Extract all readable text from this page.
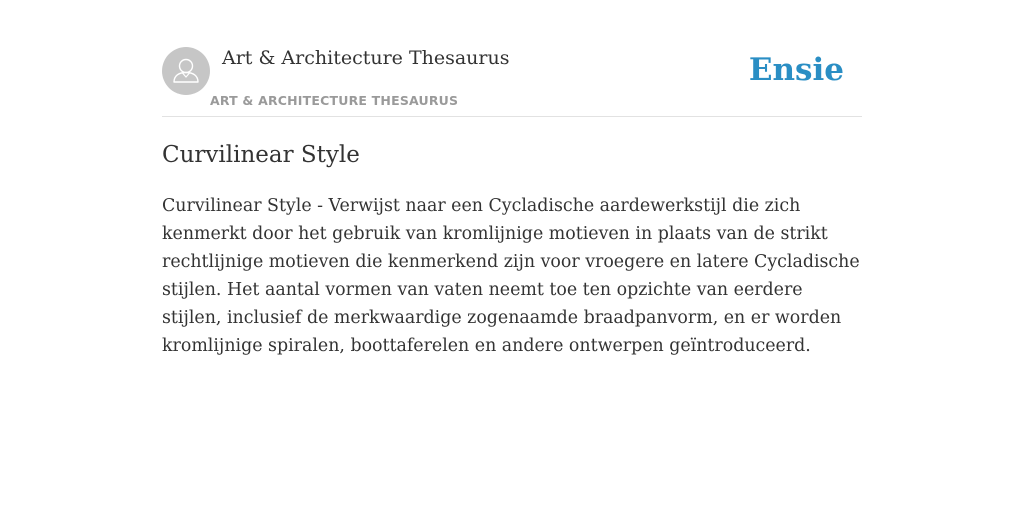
Art & Architecture Thesaurus
ART & ARCHITECTURE THESAURUS
Ensie
Curvilinear Style

Curvilinear Style - Verwijst naar een Cycladische aardewerkstijl die zich kenmerkt door het gebruik van kromlijnige motieven in plaats van de strikt rechtlijnige motieven die kenmerkend zijn voor vroegere en latere Cycladische stijlen. Het aantal vormen van vaten neemt toe ten opzichte van eerdere stijlen, inclusief de merkwaardige zogenaamde braadpanvorm, en er worden kromlijnige spiralen, boottaferelen en andere ontwerpen geïntroduceerd.
